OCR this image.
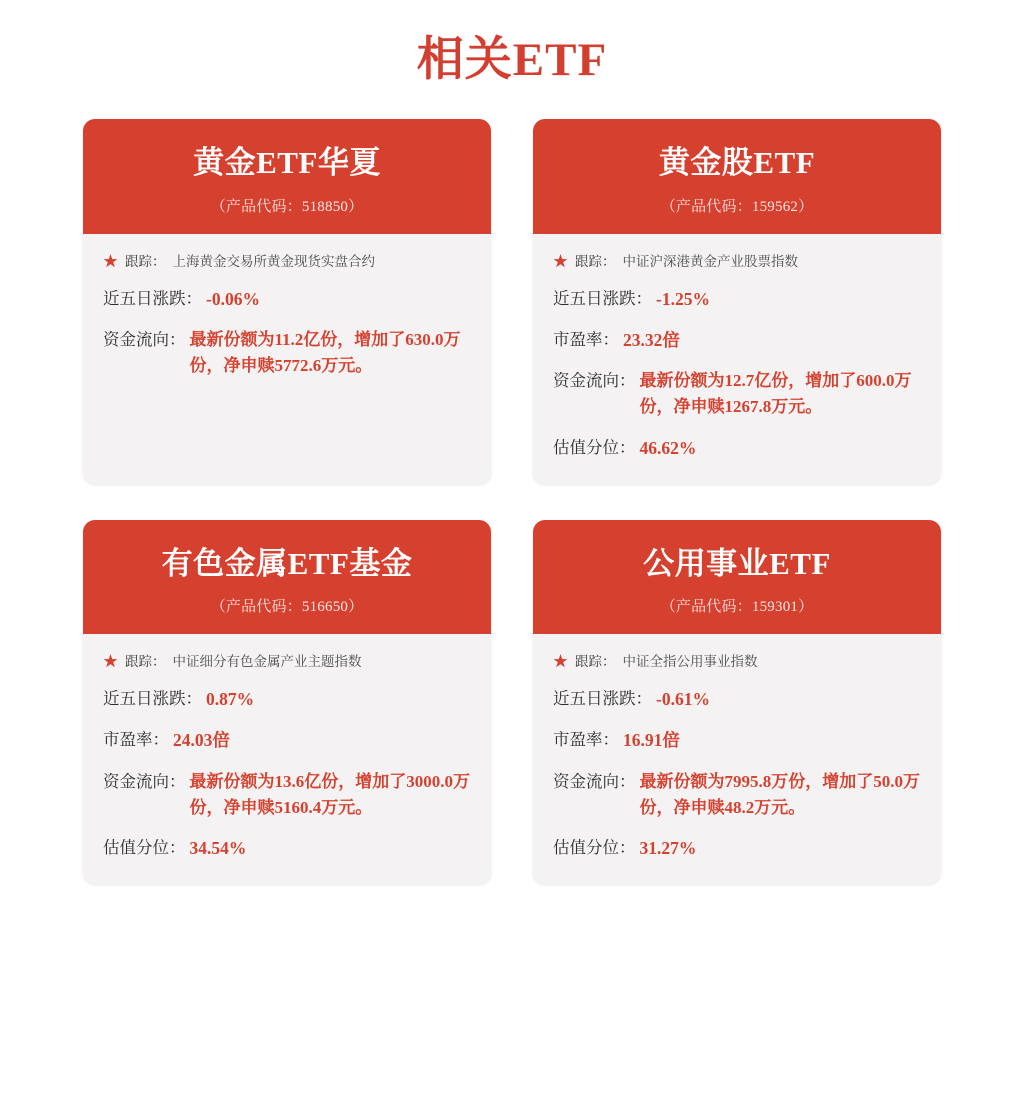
相关ETF
黄金ETF华夏
（产品代码：518850）
★ 跟踪： 上海黄金交易所黄金现货实盘合约
近五日涨跌： -0.06%
资金流向： 最新份额为11.2亿份，增加了630.0万份，净申赎5772.6万元。
黄金股ETF
（产品代码：159562）
★ 跟踪： 中证沪深港黄金产业股票指数
近五日涨跌： -1.25%
市盈率： 23.32倍
资金流向： 最新份额为12.7亿份，增加了600.0万份，净申赎1267.8万元。
估值分位： 46.62%
有色金属ETF基金
（产品代码：516650）
★ 跟踪： 中证细分有色金属产业主题指数
近五日涨跌： 0.87%
市盈率： 24.03倍
资金流向： 最新份额为13.6亿份，增加了3000.0万份，净申赎5160.4万元。
估值分位： 34.54%
公用事业ETF
（产品代码：159301）
★ 跟踪： 中证全指公用事业指数
近五日涨跌： -0.61%
市盈率： 16.91倍
资金流向： 最新份额为7995.8万份，增加了50.0万份，净申赎48.2万元。
估值分位： 31.27%
